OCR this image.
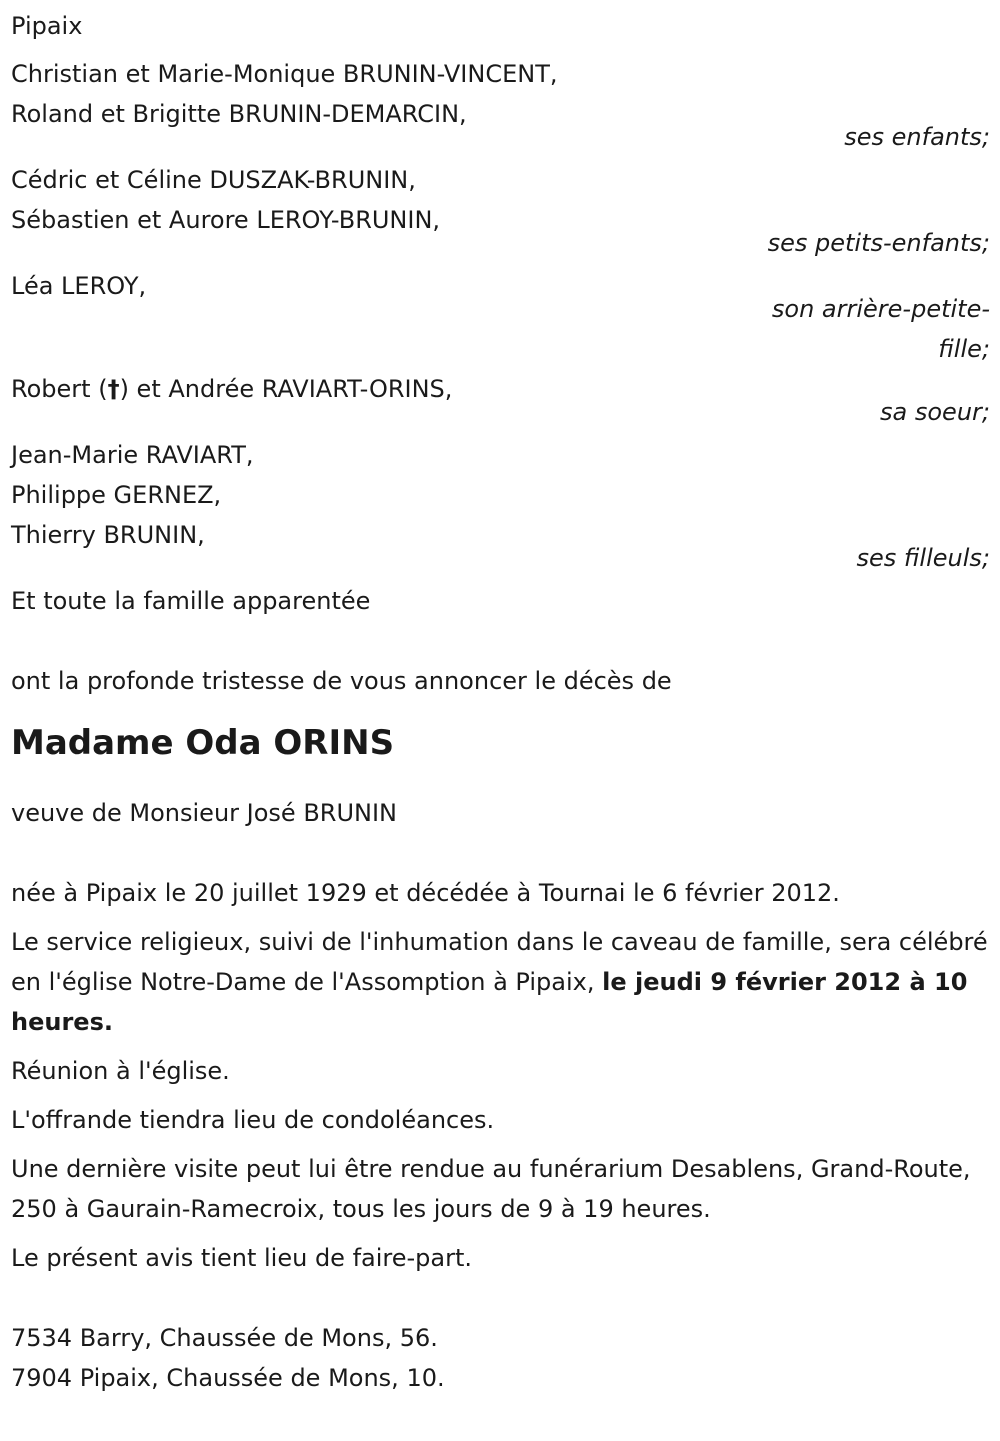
Pipaix
Christian et Marie-Monique BRUNIN-VINCENT,
Roland et Brigitte BRUNIN-DEMARCIN,
ses enfants;
Cédric et Céline DUSZAK-BRUNIN,
Sébastien et Aurore LEROY-BRUNIN,
ses petits-enfants;
Léa LEROY,
son arrière-petite-
fille;
Robert (†) et Andrée RAVIART-ORINS,
sa soeur;
Jean-Marie RAVIART,
Philippe GERNEZ,
Thierry BRUNIN,
ses filleuls;
Et toute la famille apparentée
ont la profonde tristesse de vous annoncer le décès de
Madame Oda ORINS
veuve de Monsieur José BRUNIN
née à Pipaix le 20 juillet 1929 et décédée à Tournai le 6 février 2012.
Le service religieux, suivi de l'inhumation dans le caveau de famille, sera célébré en l'église Notre-Dame de l'Assomption à Pipaix, le jeudi 9 février 2012 à 10 heures.
Réunion à l'église.
L'offrande tiendra lieu de condoléances.
Une dernière visite peut lui être rendue au funérarium Desablens, Grand-Route, 250 à Gaurain-Ramecroix, tous les jours de 9 à 19 heures.
Le présent avis tient lieu de faire-part.
7534 Barry, Chaussée de Mons, 56.
7904 Pipaix, Chaussée de Mons, 10.
